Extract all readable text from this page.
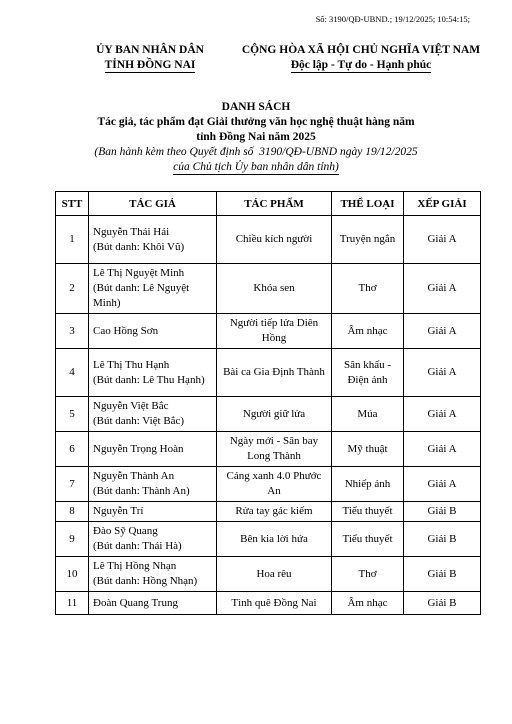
Số: 3190/QĐ-UBND.; 19/12/2025; 10:54:15;
ỦY BAN NHÂN DÂN
TỈNH ĐỒNG NAI
CỘNG HÒA XÃ HỘI CHỦ NGHĨA VIỆT NAM
Độc lập - Tự do - Hạnh phúc
DANH SÁCH
Tác giả, tác phẩm đạt Giải thưởng văn học nghệ thuật hàng năm
tỉnh Đồng Nai năm 2025
(Ban hành kèm theo Quyết định số 3190/QĐ-UBND ngày 19/12/2025
của Chủ tịch Ủy ban nhân dân tỉnh)
STT	TÁC GIẢ	TÁC PHẨM	THỂ LOẠI	XẾP GIẢI
1	Nguyễn Thái Hải
(Bút danh: Khôi Vũ)	Chiều kích người	Truyện ngắn	Giải A
2	Lê Thị Nguyệt Minh
(Bút danh: Lê Nguyệt Minh)	Khóa sen	Thơ	Giải A
3	Cao Hồng Sơn	Người tiếp lửa Diên Hồng	Âm nhạc	Giải A
4	Lê Thị Thu Hạnh
(Bút danh: Lê Thu Hạnh)	Bài ca Gia Định Thành	Sân khấu - Điện ảnh	Giải A
5	Nguyễn Việt Bắc
(Bút danh: Việt Bắc)	Người giữ lửa	Múa	Giải A
6	Nguyễn Trọng Hoàn	Ngày mới - Sân bay Long Thành	Mỹ thuật	Giải A
7	Nguyễn Thành An
(Bút danh: Thành An)	Cảng xanh 4.0 Phước An	Nhiếp ảnh	Giải A
8	Nguyễn Trí	Rửa tay gác kiếm	Tiểu thuyết	Giải B
9	Đào Sỹ Quang
(Bút danh: Thái Hà)	Bên kia lời hứa	Tiểu thuyết	Giải B
10	Lê Thị Hồng Nhạn
(Bút danh: Hồng Nhạn)	Hoa rêu	Thơ	Giải B
11	Đoàn Quang Trung	Tình quê Đồng Nai	Âm nhạc	Giải B
